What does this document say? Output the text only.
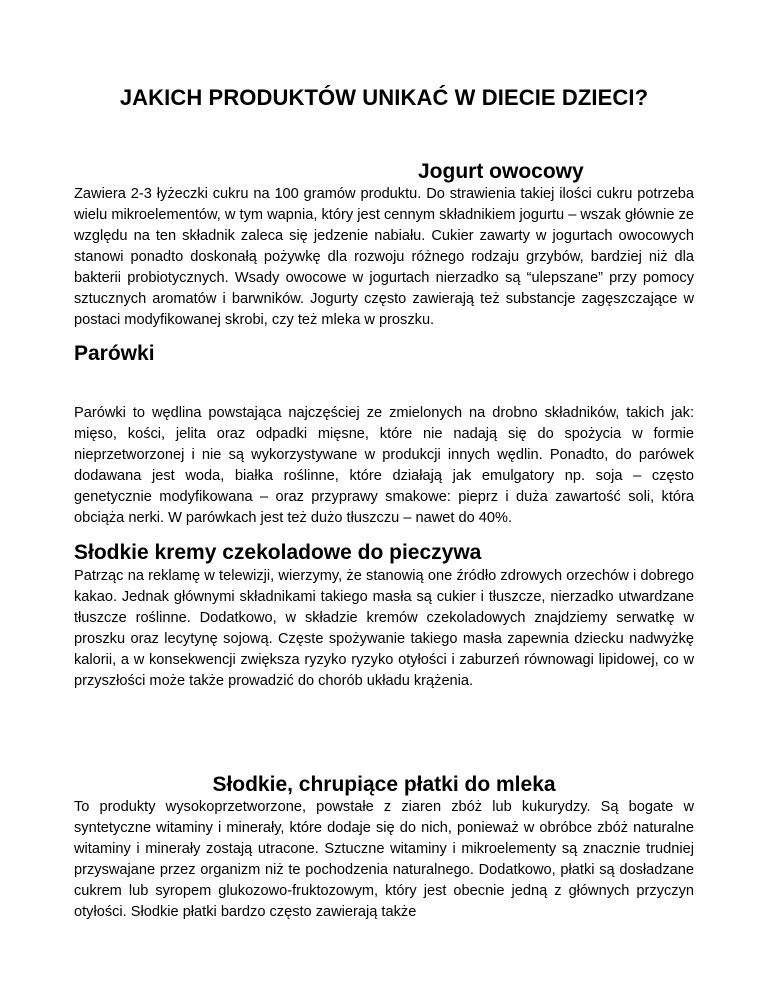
JAKICH PRODUKTÓW UNIKAĆ W DIECIE DZIECI?
Jogurt owocowy

Zawiera 2-3 łyżeczki cukru na 100 gramów produktu. Do strawienia takiej ilości cukru potrzeba wielu mikroelementów, w tym wapnia, który jest cennym składnikiem jogurtu – wszak głównie ze względu na ten składnik zaleca się jedzenie nabiału. Cukier zawarty w jogurtach owocowych stanowi ponadto doskonałą pożywkę dla rozwoju różnego rodzaju grzybów, bardziej niż dla bakterii probiotycznych. Wsady owocowe w jogurtach nierzadko są “ulepszane” przy pomocy sztucznych aromatów i barwników. Jogurty często zawierają też substancje zagęszczające w postaci modyfikowanej skrobi, czy też mleka w proszku.

Parówki

Parówki to wędlina powstająca najczęściej ze zmielonych na drobno składników, takich jak: mięso, kości, jelita oraz odpadki mięsne, które nie nadają się do spożycia w formie nieprzetworzonej i nie są wykorzystywane w produkcji innych wędlin. Ponadto, do parówek dodawana jest woda, białka roślinne, które działają jak emulgatory np. soja – często genetycznie modyfikowana – oraz przyprawy smakowe: pieprz i duża zawartość soli, która obciąża nerki. W parówkach jest też dużo tłuszczu – nawet do 40%.

Słodkie kremy czekoladowe do pieczywa

Patrząc na reklamę w telewizji, wierzymy, że stanowią one źródło zdrowych orzechów i dobrego kakao. Jednak głównymi składnikami takiego masła są cukier i tłuszcze, nierzadko utwardzane tłuszcze roślinne. Dodatkowo, w składzie kremów czekoladowych znajdziemy serwatkę w proszku oraz lecytynę sojową. Częste spożywanie takiego masła zapewnia dziecku nadwyżkę kalorii, a w konsekwencji zwiększa ryzyko ryzyko otyłości i zaburzeń równowagi lipidowej, co w przyszłości może także prowadzić do chorób układu krążenia.

Słodkie, chrupiące płatki do mleka

To produkty wysokoprzetworzone, powstałe z ziaren zbóż lub kukurydzy. Są bogate w syntetyczne witaminy i minerały, które dodaje się do nich, ponieważ w obróbce zbóż naturalne witaminy i minerały zostają utracone. Sztuczne witaminy i mikroelementy są znacznie trudniej przyswajane przez organizm niż te pochodzenia naturalnego. Dodatkowo, płatki są dosładzane cukrem lub syropem glukozowo-fruktozowym, który jest obecnie jedną z głównych przyczyn otyłości. Słodkie płatki bardzo często zawierają także
